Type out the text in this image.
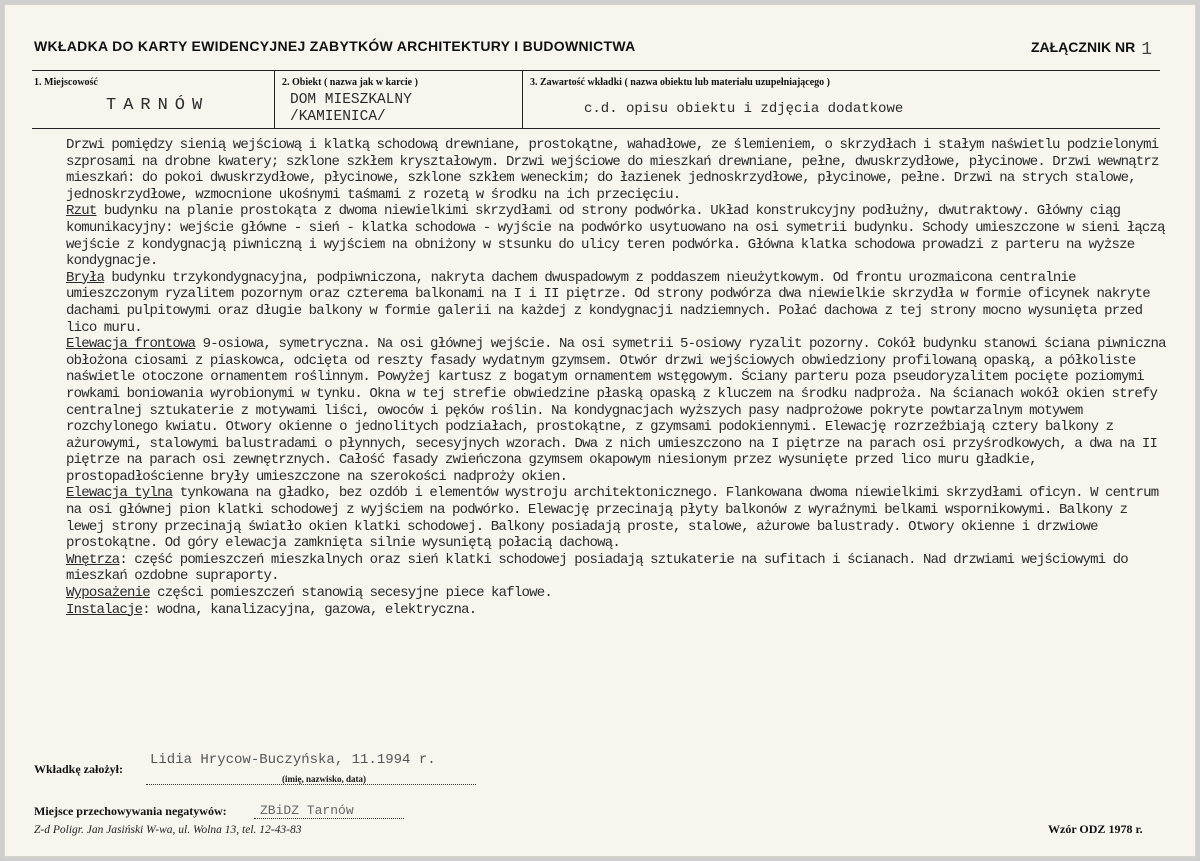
WKŁADKA DO KARTY EWIDENCYJNEJ ZABYTKÓW ARCHITEKTURY I BUDOWNICTWA	ZAŁĄCZNIK NR 1
1. Miejscowość
TARNÓW
2. Obiekt ( nazwa jak w karcie )
DOM MIESZKALNY
/KAMIENICA/
3. Zawartość wkładki ( nazwa obiektu lub materiału uzupełniającego )
c.d. opisu obiektu i zdjęcia dodatkowe

Drzwi pomiędzy sienią wejściową i klatką schodową drewniane, prostokątne, wahadłowe, ze ślemieniem, o skrzydłach i stałym naświetlu podzielonymi szprosami na drobne kwatery; szklone szkłem kryształowym. Drzwi wejściowe do mieszkań drewniane, pełne, dwuskrzydłowe, płycinowe. Drzwi wewnątrz mieszkań: do pokoi dwuskrzydłowe, płycinowe, szklone szkłem weneckim; do łazienek jednoskrzydłowe, płycinowe, pełne. Drzwi na strych stalowe, jednoskrzydłowe, wzmocnione ukośnymi taśmami z rozetą w środku na ich przecięciu.

Rzut budynku na planie prostokąta z dwoma niewielkimi skrzydłami od strony podwórka. Układ konstrukcyjny podłużny, dwutraktowy. Główny ciąg komunikacyjny: wejście główne - sień - klatka schodowa - wyjście na podwórko usytuowano na osi symetrii budynku. Schody umieszczone w sieni łączą wejście z kondygnacją piwniczną i wyjściem na obniżony w stsunku do ulicy teren podwórka. Główna klatka schodowa prowadzi z parteru na wyższe kondygnacje.

Bryła budynku trzykondygnacyjna, podpiwniczona, nakryta dachem dwuspadowym z poddaszem nieużytkowym. Od frontu urozmaicona centralnie umieszczonym ryzalitem pozornym oraz czterema balkonami na I i II piętrze. Od strony podwórza dwa niewielkie skrzydła w formie oficynek nakryte dachami pulpitowymi oraz długie balkony w formie galerii na każdej z kondygnacji nadziemnych. Połać dachowa z tej strony mocno wysunięta przed lico muru.

Elewacja frontowa 9-osiowa, symetryczna. Na osi głównej wejście. Na osi symetrii 5-osiowy ryzalit pozorny. Cokół budynku stanowi ściana piwniczna obłożona ciosami z piaskowca, odcięta od reszty fasady wydatnym gzymsem. Otwór drzwi wejściowych obwiedziony profilowaną opaską, a półkoliste naświetle otoczone ornamentem roślinnym. Powyżej kartusz z bogatym ornamentem wstęgowym. Ściany parteru poza pseudoryzalitem pocięte poziomymi rowkami boniowania wyrobionymi w tynku. Okna w tej strefie obwiedzine płaską opaską z kluczem na środku nadproża. Na ścianach wokół okien strefy centralnej sztukaterie z motywami liści, owoców i pęków roślin. Na kondygnacjach wyższych pasy nadprożowe pokryte powtarzalnym motywem rozchylonego kwiatu. Otwory okienne o jednolitych podziałach, prostokątne, z gzymsami podokiennymi. Elewację rozrzeźbiają cztery balkony z ażurowymi, stalowymi balustradami o płynnych, secesyjnych wzorach. Dwa z nich umieszczono na I piętrze na parach osi przyśrodkowych, a dwa na II piętrze na parach osi zewnętrznych. Całość fasady zwieńczona gzymsem okapowym niesionym przez wysunięte przed lico muru gładkie, prostopadłościenne bryły umieszczone na szerokości nadproży okien.

Elewacja tylna tynkowana na gładko, bez ozdób i elementów wystroju architektonicznego. Flankowana dwoma niewielkimi skrzydłami oficyn. W centrum na osi głównej pion klatki schodowej z wyjściem na podwórko. Elewację przecinają płyty balkonów z wyraźnymi belkami wspornikowymi. Balkony z lewej strony przecinają światło okien klatki schodowej. Balkony posiadają proste, stalowe, ażurowe balustrady. Otwory okienne i drzwiowe prostokątne. Od góry elewacja zamknięta silnie wysuniętą połacią dachową.

Wnętrza: część pomieszczeń mieszkalnych oraz sień klatki schodowej posiadają sztukaterie na sufitach i ścianach. Nad drzwiami wejściowymi do mieszkań ozdobne supraporty.

Wyposażenie części pomieszczeń stanowią secesyjne piece kaflowe.

Instalacje: wodna, kanalizacyjna, gazowa, elektryczna.

Wkładkę założył:
Lidia Hrycow-Buczyńska, 11.1994 r.
(imię, nazwisko, data)
Miejsce przechowywania negatywów:	ZBiDZ Tarnów
Z-d Poligr. Jan Jasiński W-wa, ul. Wolna 13, tel. 12-43-83	Wzór ODZ 1978 r.
